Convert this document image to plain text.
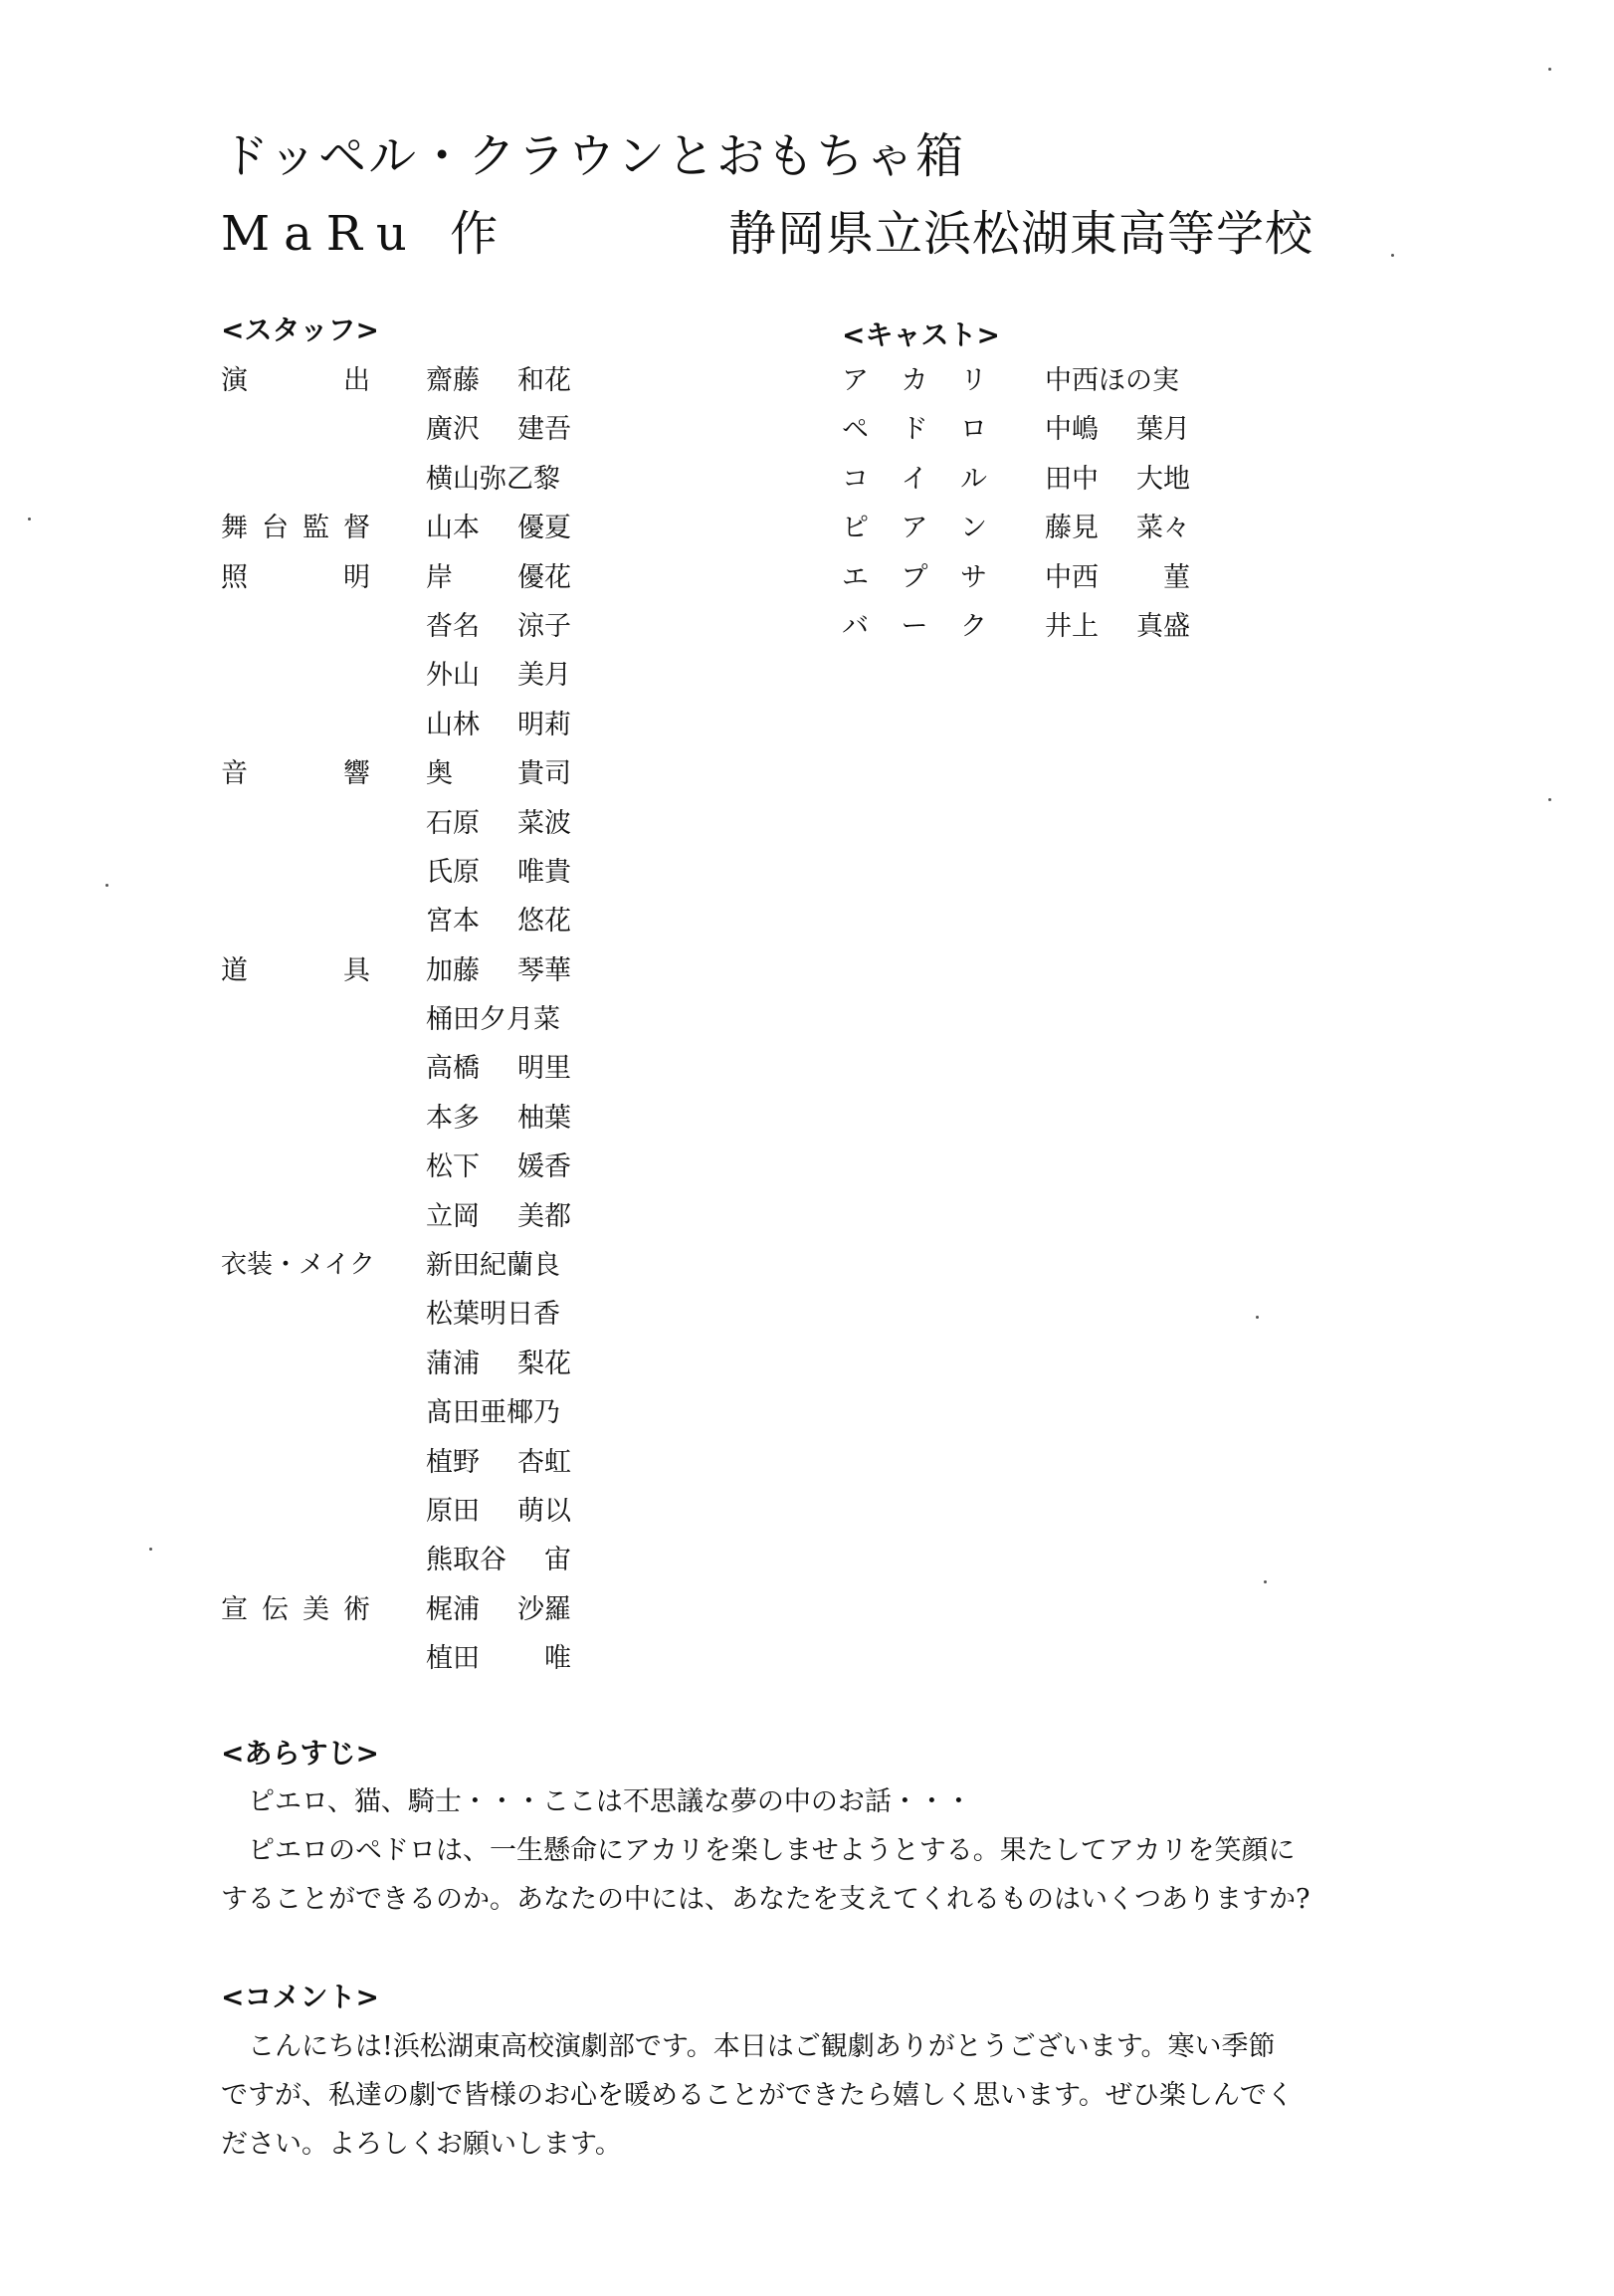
ドッペル・クラウンとおもちゃ箱
MaRu 作	静岡県立浜松湖東高等学校
<スタッフ>
演	出 齋藤 和花
廣沢 建吾
横山弥乙黎
舞 台 監 督 山本 優夏
照	明 岸 優花
沓名 涼子
外山 美月
山林 明莉
音	響 奥 貴司
石原 菜波
氏原 唯貴
宮本 悠花
道	具 加藤 琴華
桶田夕月菜
高橋 明里
本多 柚葉
松下 媛香
立岡 美都
衣装・メイク 新田紀蘭良
松葉明日香
蒲浦 梨花
髙田亜椰乃
植野 杏虹
原田 萌以
熊取谷 宙
宣 伝 美 術 梶浦 沙羅
植田 唯
<キャスト>
ア カ リ 中西ほの実
ペ ド ロ 中嶋 葉月
コ イ ル 田中 大地
ピ ア ン 藤見 菜々
エ プ サ 中西 菫
バ ー ク 井上 真盛
<あらすじ>
ピエロ、猫、騎士・・・ここは不思議な夢の中のお話・・・
ピエロのペドロは、一生懸命にアカリを楽しませようとする。果たしてアカリを笑顔に
することができるのか。あなたの中には、あなたを支えてくれるものはいくつありますか?
<コメント>
こんにちは!浜松湖東高校演劇部です。本日はご観劇ありがとうございます。寒い季節
ですが、私達の劇で皆様のお心を暖めることができたら嬉しく思います。ぜひ楽しんでく
ださい。よろしくお願いします。
